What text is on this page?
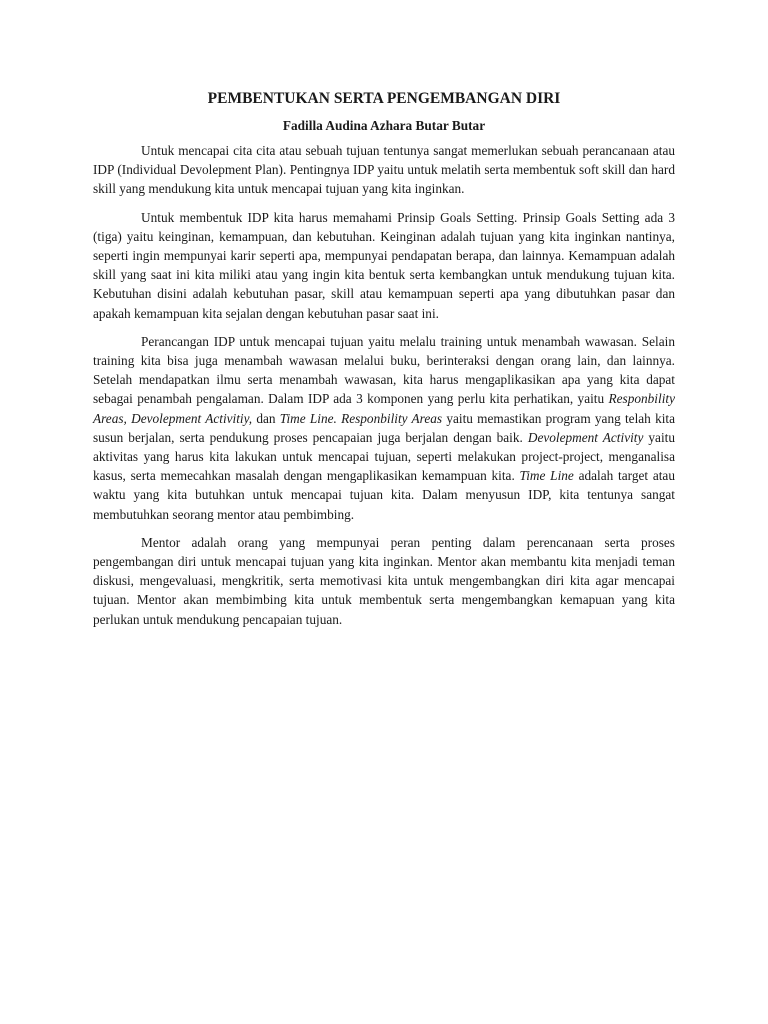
PEMBENTUKAN SERTA PENGEMBANGAN DIRI
Fadilla Audina Azhara Butar Butar

Untuk mencapai cita cita atau sebuah tujuan tentunya sangat memerlukan sebuah perancanaan atau IDP (Individual Devolepment Plan). Pentingnya IDP yaitu untuk melatih serta membentuk soft skill dan hard skill yang mendukung kita untuk mencapai tujuan yang kita inginkan.

Untuk membentuk IDP kita harus memahami Prinsip Goals Setting. Prinsip Goals Setting ada 3 (tiga) yaitu keinginan, kemampuan, dan kebutuhan. Keinginan adalah tujuan yang kita inginkan nantinya, seperti ingin mempunyai karir seperti apa, mempunyai pendapatan berapa, dan lainnya. Kemampuan adalah skill yang saat ini kita miliki atau yang ingin kita bentuk serta kembangkan untuk mendukung tujuan kita. Kebutuhan disini adalah kebutuhan pasar, skill atau kemampuan seperti apa yang dibutuhkan pasar dan apakah kemampuan kita sejalan dengan kebutuhan pasar saat ini.

Perancangan IDP untuk mencapai tujuan yaitu melalu training untuk menambah wawasan. Selain training kita bisa juga menambah wawasan melalui buku, berinteraksi dengan orang lain, dan lainnya. Setelah mendapatkan ilmu serta menambah wawasan, kita harus mengaplikasikan apa yang kita dapat sebagai penambah pengalaman. Dalam IDP ada 3 komponen yang perlu kita perhatikan, yaitu Responbility Areas, Devolepment Activitiy, dan Time Line. Responbility Areas yaitu memastikan program yang telah kita susun berjalan, serta pendukung proses pencapaian juga berjalan dengan baik. Devolepment Activity yaitu aktivitas yang harus kita lakukan untuk mencapai tujuan, seperti melakukan project-project, menganalisa kasus, serta memecahkan masalah dengan mengaplikasikan kemampuan kita. Time Line adalah target atau waktu yang kita butuhkan untuk mencapai tujuan kita. Dalam menyusun IDP, kita tentunya sangat membutuhkan seorang mentor atau pembimbing.

Mentor adalah orang yang mempunyai peran penting dalam perencanaan serta proses pengembangan diri untuk mencapai tujuan yang kita inginkan. Mentor akan membantu kita menjadi teman diskusi, mengevaluasi, mengkritik, serta memotivasi kita untuk mengembangkan diri kita agar mencapai tujuan. Mentor akan membimbing kita untuk membentuk serta mengembangkan kemapuan yang kita perlukan untuk mendukung pencapaian tujuan.
